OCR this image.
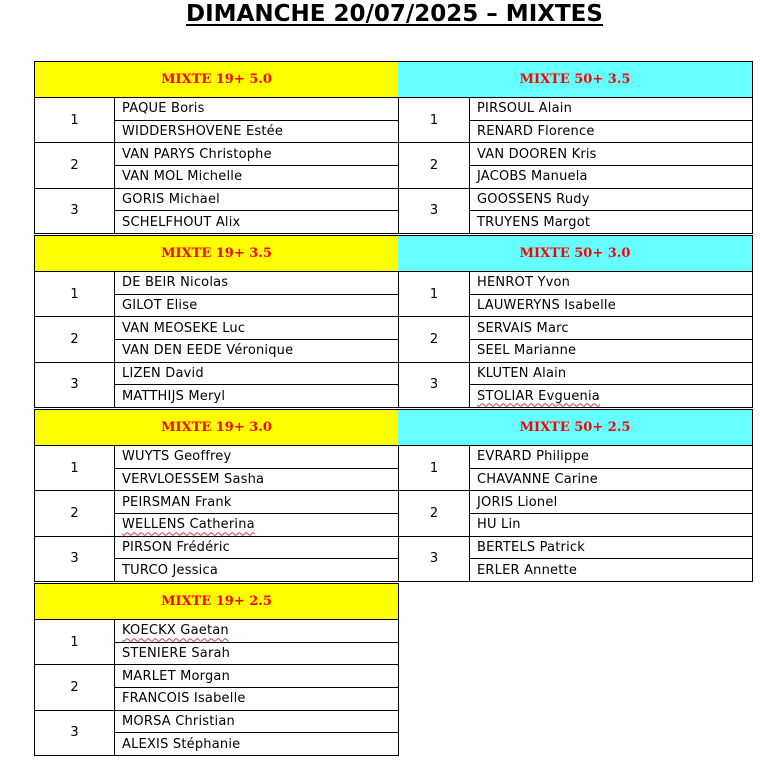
DIMANCHE 20/07/2025 – MIXTES
MIXTE 19+ 5.0
1
PAQUE Boris
WIDDERSHOVENE Estée
2
VAN PARYS Christophe
VAN MOL Michelle
3
GORIS Michael
SCHELFHOUT Alix
MIXTE 50+ 3.5
1
PIRSOUL Alain
RENARD Florence
2
VAN DOOREN Kris
JACOBS Manuela
3
GOOSSENS Rudy
TRUYENS Margot
MIXTE 19+ 3.5
1
DE BEIR Nicolas
GILOT Elise
2
VAN MEOSEKE Luc
VAN DEN EEDE Véronique
3
LIZEN David
MATTHIJS Meryl
MIXTE 50+ 3.0
1
HENROT Yvon
LAUWERYNS Isabelle
2
SERVAIS Marc
SEEL Marianne
3
KLUTEN Alain
STOLIAR Evguenia
MIXTE 19+ 3.0
1
WUYTS Geoffrey
VERVLOESSEM Sasha
2
PEIRSMAN Frank
WELLENS Catherina
3
PIRSON Frédéric
TURCO Jessica
MIXTE 50+ 2.5
1
EVRARD Philippe
CHAVANNE Carine
2
JORIS Lionel
HU Lin
3
BERTELS Patrick
ERLER Annette
MIXTE 19+ 2.5
1
KOECKX Gaetan
STENIERE Sarah
2
MARLET Morgan
FRANCOIS Isabelle
3
MORSA Christian
ALEXIS Stéphanie
